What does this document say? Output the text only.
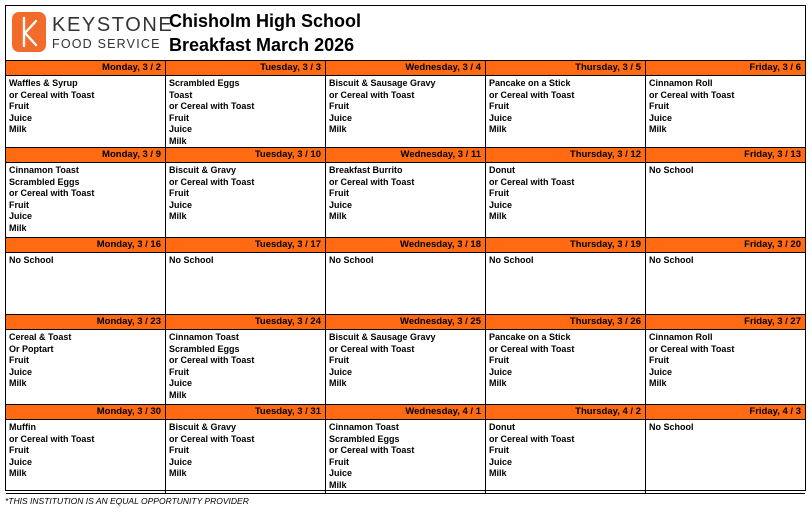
KEYSTONE
FOOD SERVICE
Chisholm High School
Breakfast March 2026
Monday, 3 / 2
Waffles & Syrup
or Cereal with Toast
Fruit
Juice
Milk
Tuesday, 3 / 3
Scrambled Eggs
Toast
or Cereal with Toast
Fruit
Juice
Milk
Wednesday, 3 / 4
Biscuit & Sausage Gravy
or Cereal with Toast
Fruit
Juice
Milk
Thursday, 3 / 5
Pancake on a Stick
or Cereal with Toast
Fruit
Juice
Milk
Friday, 3 / 6
Cinnamon Roll
or Cereal with Toast
Fruit
Juice
Milk
Monday, 3 / 9
Cinnamon Toast
Scrambled Eggs
or Cereal with Toast
Fruit
Juice
Milk
Tuesday, 3 / 10
Biscuit & Gravy
or Cereal with Toast
Fruit
Juice
Milk
Wednesday, 3 / 11
Breakfast Burrito
or Cereal with Toast
Fruit
Juice
Milk
Thursday, 3 / 12
Donut
or Cereal with Toast
Fruit
Juice
Milk
Friday, 3 / 13
No School
Monday, 3 / 16
No School
Tuesday, 3 / 17
No School
Wednesday, 3 / 18
No School
Thursday, 3 / 19
No School
Friday, 3 / 20
No School
Monday, 3 / 23
Cereal & Toast
Or Poptart
Fruit
Juice
Milk
Tuesday, 3 / 24
Cinnamon Toast
Scrambled Eggs
or Cereal with Toast
Fruit
Juice
Milk
Wednesday, 3 / 25
Biscuit & Sausage Gravy
or Cereal with Toast
Fruit
Juice
Milk
Thursday, 3 / 26
Pancake on a Stick
or Cereal with Toast
Fruit
Juice
Milk
Friday, 3 / 27
Cinnamon Roll
or Cereal with Toast
Fruit
Juice
Milk
Monday, 3 / 30
Muffin
or Cereal with Toast
Fruit
Juice
Milk
Tuesday, 3 / 31
Biscuit & Gravy
or Cereal with Toast
Fruit
Juice
Milk
Wednesday, 4 / 1
Cinnamon Toast
Scrambled Eggs
or Cereal with Toast
Fruit
Juice
Milk
Thursday, 4 / 2
Donut
or Cereal with Toast
Fruit
Juice
Milk
Friday, 4 / 3
No School
*THIS INSTITUTION IS AN EQUAL OPPORTUNITY PROVIDER
